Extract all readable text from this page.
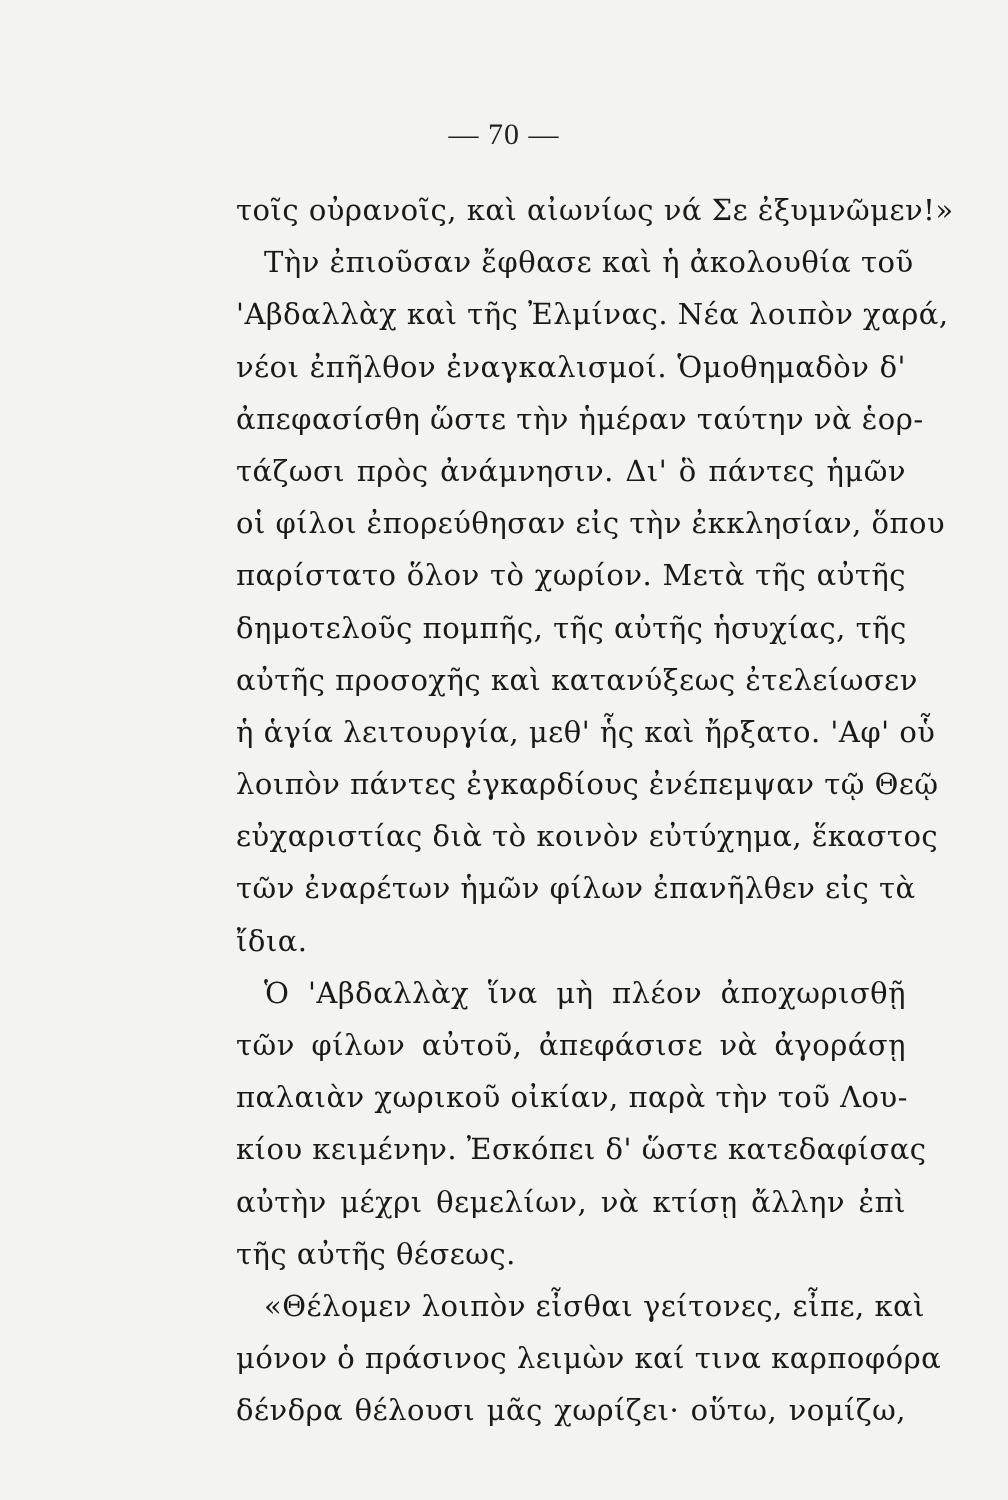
— 70 —
τοῖς οὐρανοῖς, καὶ αἰωνίως νά Σε ἐξυμνῶμεν!»
Τὴν ἐπιοῦσαν ἔφθασε καὶ ἡ ἀκολουθία τοῦ
'Αβδαλλὰχ καὶ τῆς Ἐλμίνας. Νέα λοιπὸν χαρά,
νέοι ἐπῆλθον ἐναγκαλισμοί. Ὁμοθημαδὸν δ'
ἀπεφασίσθη ὥστε τὴν ἡμέραν ταύτην νὰ ἑορ-
τάζωσι πρὸς ἀνάμνησιν. Δι' ὃ πάντες ἡμῶν
οἱ φίλοι ἐπορεύθησαν εἰς τὴν ἐκκλησίαν, ὅπου
παρίστατο ὅλον τὸ χωρίον. Μετὰ τῆς αὐτῆς
δημοτελοῦς πομπῆς, τῆς αὐτῆς ἡσυχίας, τῆς
αὐτῆς προσοχῆς καὶ κατανύξεως ἐτελείωσεν
ἡ ἁγία λειτουργία, μεθ' ἧς καὶ ἤρξατο. 'Αφ' οὗ
λοιπὸν πάντες ἐγκαρδίους ἐνέπεμψαν τῷ Θεῷ
εὐχαριστίας διὰ τὸ κοινὸν εὐτύχημα, ἕκαστος
τῶν ἐναρέτων ἡμῶν φίλων ἐπανῆλθεν εἰς τὰ
ἴδια.
Ὁ 'Αβδαλλὰχ ἵνα μὴ πλέον ἀποχωρισθῇ
τῶν φίλων αὐτοῦ, ἀπεφάσισε νὰ ἀγοράσῃ
παλαιὰν χωρικοῦ οἰκίαν, παρὰ τὴν τοῦ Λου-
κίου κειμένην. Ἐσκόπει δ' ὥστε κατεδαφίσας
αὐτὴν μέχρι θεμελίων, νὰ κτίσῃ ἄλλην ἐπὶ
τῆς αὐτῆς θέσεως.
«Θέλομεν λοιπὸν εἶσθαι γείτονες, εἶπε, καὶ
μόνον ὁ πράσινος λειμὼν καί τινα καρποφόρα
δένδρα θέλουσι μᾶς χωρίζει· οὕτω, νομίζω,
